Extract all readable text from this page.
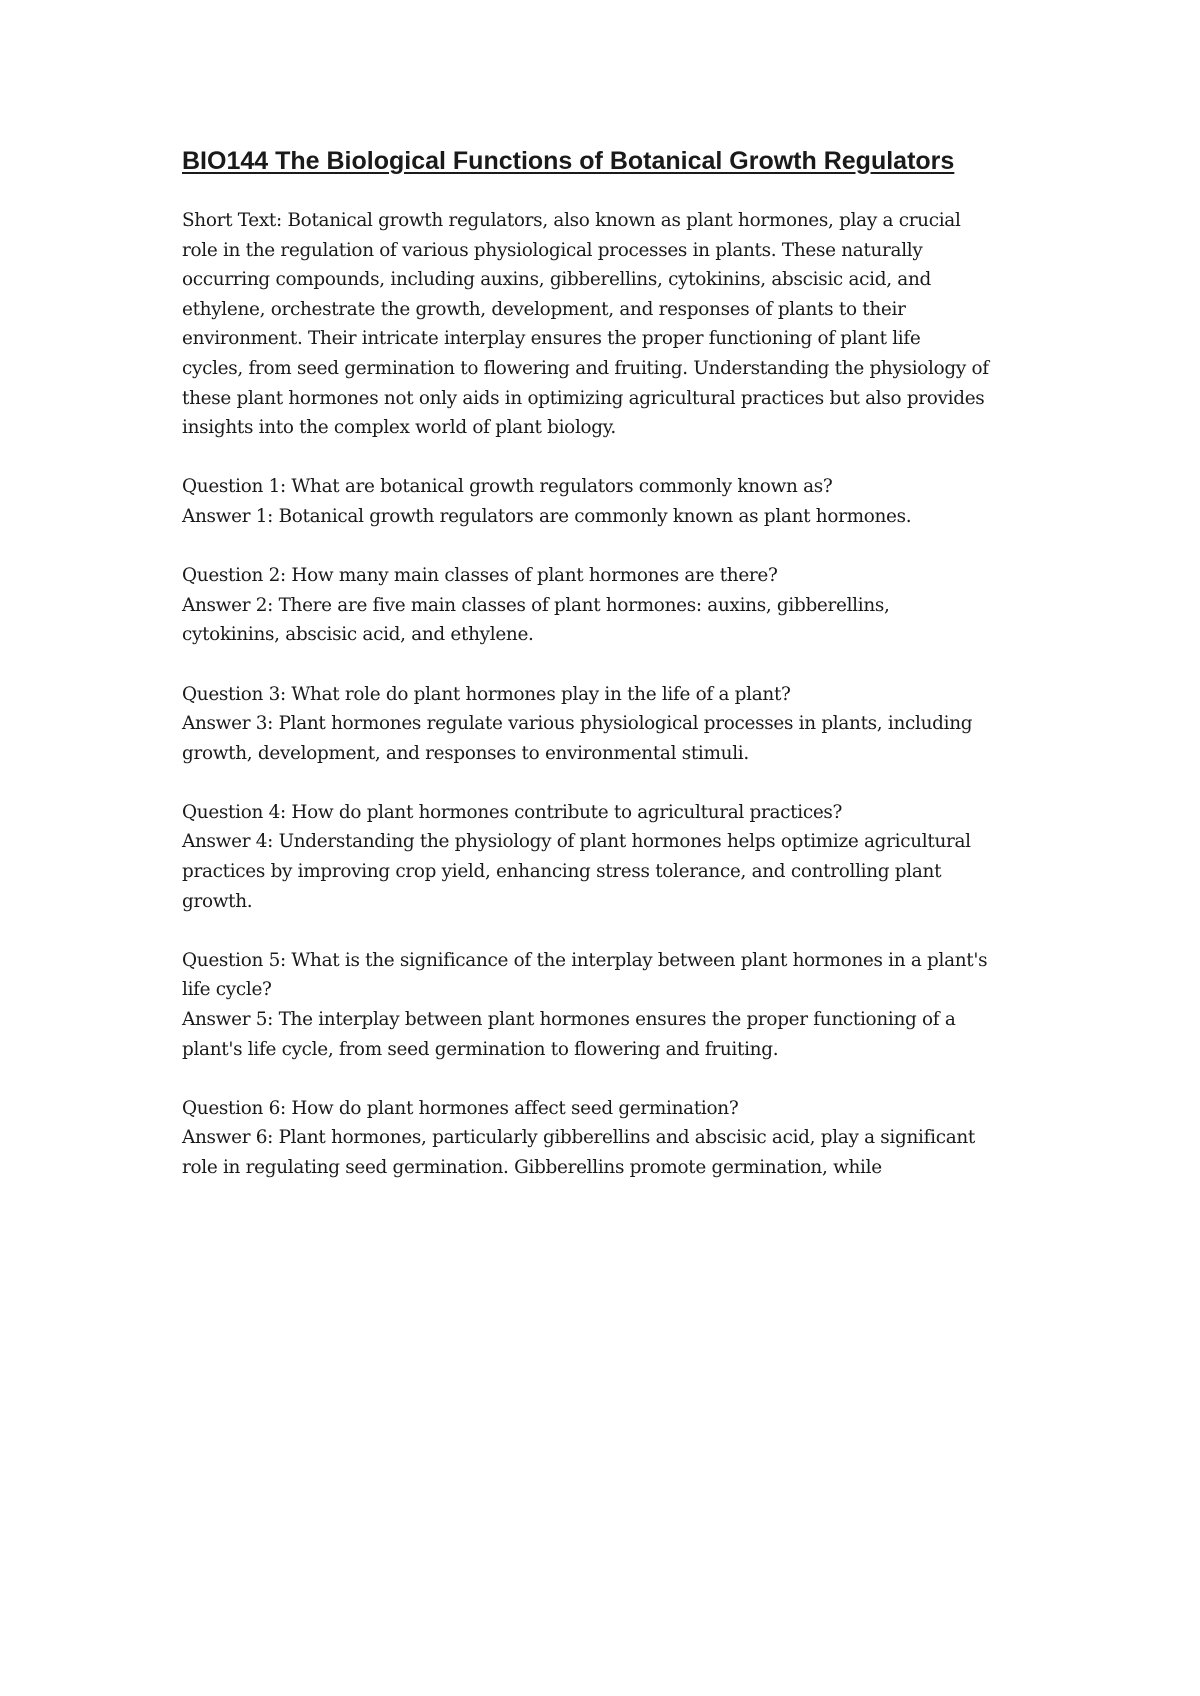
BIO144 The Biological Functions of Botanical Growth Regulators

Short Text: Botanical growth regulators, also known as plant hormones, play a crucial
role in the regulation of various physiological processes in plants. These naturally
occurring compounds, including auxins, gibberellins, cytokinins, abscisic acid, and
ethylene, orchestrate the growth, development, and responses of plants to their
environment. Their intricate interplay ensures the proper functioning of plant life
cycles, from seed germination to flowering and fruiting. Understanding the physiology of
these plant hormones not only aids in optimizing agricultural practices but also provides
insights into the complex world of plant biology.

Question 1: What are botanical growth regulators commonly known as?
Answer 1: Botanical growth regulators are commonly known as plant hormones.

Question 2: How many main classes of plant hormones are there?
Answer 2: There are five main classes of plant hormones: auxins, gibberellins,
cytokinins, abscisic acid, and ethylene.

Question 3: What role do plant hormones play in the life of a plant?
Answer 3: Plant hormones regulate various physiological processes in plants, including
growth, development, and responses to environmental stimuli.

Question 4: How do plant hormones contribute to agricultural practices?
Answer 4: Understanding the physiology of plant hormones helps optimize agricultural
practices by improving crop yield, enhancing stress tolerance, and controlling plant
growth.

Question 5: What is the significance of the interplay between plant hormones in a plant's
life cycle?
Answer 5: The interplay between plant hormones ensures the proper functioning of a
plant's life cycle, from seed germination to flowering and fruiting.

Question 6: How do plant hormones affect seed germination?
Answer 6: Plant hormones, particularly gibberellins and abscisic acid, play a significant
role in regulating seed germination. Gibberellins promote germination, while
